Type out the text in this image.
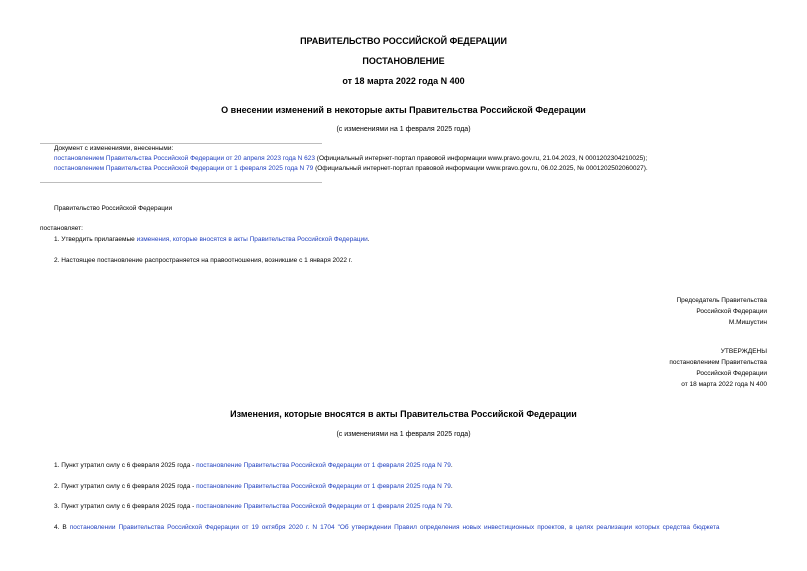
ПРАВИТЕЛЬСТВО РОССИЙСКОЙ ФЕДЕРАЦИИ
ПОСТАНОВЛЕНИЕ
от 18 марта 2022 года N 400
О внесении изменений в некоторые акты Правительства Российской Федерации
(с изменениями на 1 февраля 2025 года)
Документ с изменениями, внесенными:
постановлением Правительства Российской Федерации от 20 апреля 2023 года N 623 (Официальный интернет-портал правовой информации www.pravo.gov.ru, 21.04.2023, N 0001202304210025);
постановлением Правительства Российской Федерации от 1 февраля 2025 года N 79 (Официальный интернет-портал правовой информации www.pravo.gov.ru, 06.02.2025, № 0001202502060027).
Правительство Российской Федерации
постановляет:
1. Утвердить прилагаемые изменения, которые вносятся в акты Правительства Российской Федерации.
2. Настоящее постановление распространяется на правоотношения, возникшие с 1 января 2022 г.
Председатель Правительства
Российской Федерации
М.Мишустин
УТВЕРЖДЕНЫ
постановлением Правительства
Российской Федерации
от 18 марта 2022 года N 400
Изменения, которые вносятся в акты Правительства Российской Федерации
(с изменениями на 1 февраля 2025 года)
1. Пункт утратил силу с 6 февраля 2025 года - постановление Правительства Российской Федерации от 1 февраля 2025 года N 79.
2. Пункт утратил силу с 6 февраля 2025 года - постановление Правительства Российской Федерации от 1 февраля 2025 года N 79.
3. Пункт утратил силу с 6 февраля 2025 года - постановление Правительства Российской Федерации от 1 февраля 2025 года N 79.
4. В постановлении Правительства Российской Федерации от 19 октября 2020 г. N 1704 "Об утверждении Правил определения новых инвестиционных проектов, в целях реализации которых средства бюджета
